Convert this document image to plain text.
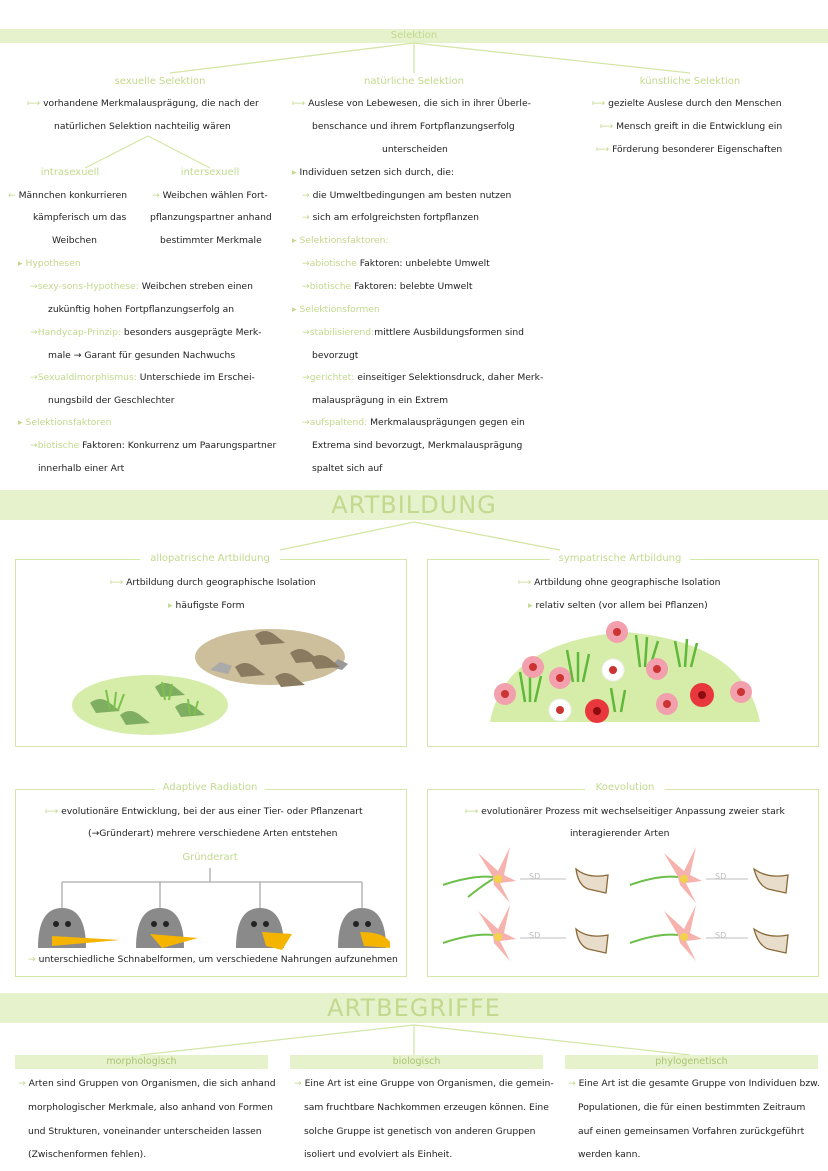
Selektion
sexuelle Selektion
⟼ vorhandene Merkmalausprägung, die nach der
natürlichen Selektion nachteilig wären
intrasexuell	intersexuell
← Männchen konkurrieren
kämpferisch um das
Weibchen
→ Weibchen wählen Fort-
pflanzungspartner anhand
bestimmter Merkmale
▸ Hypothesen
→sexy-sons-Hypothese: Weibchen streben einen
zukünftig hohen Fortpflanzungserfolg an
→Handycap-Prinzip: besonders ausgeprägte Merk-
male → Garant für gesunden Nachwuchs
→Sexualdimorphismus: Unterschiede im Erschei-
nungsbild der Geschlechter
▸ Selektionsfaktoren
→biotische Faktoren: Konkurrenz um Paarungspartner
innerhalb einer Art
natürliche Selektion
⟼ Auslese von Lebewesen, die sich in ihrer Überle-
benschance und ihrem Fortpflanzungserfolg
unterscheiden
▸ Individuen setzen sich durch, die:
→ die Umweltbedingungen am besten nutzen
→ sich am erfolgreichsten fortpflanzen
▸ Selektionsfaktoren:
→abiotische Faktoren: unbelebte Umwelt
→biotische Faktoren: belebte Umwelt
▸ Selektionsformen
→stabilisierend:mittlere Ausbildungsformen sind
bevorzugt
→gerichtet: einseitiger Selektionsdruck, daher Merk-
malausprägung in ein Extrem
→aufspaltend: Merkmalausprägungen gegen ein
Extrema sind bevorzugt, Merkmalausprägung
spaltet sich auf
künstliche Selektion
⟼ gezielte Auslese durch den Menschen
⟼ Mensch greift in die Entwicklung ein
⟼ Förderung besonderer Eigenschaften
ARTBILDUNG
allopatrische Artbildung
⟼ Artbildung durch geographische Isolation
▸ häufigste Form
sympatrische Artbildung
⟼ Artbildung ohne geographische Isolation
▸ relativ selten (vor allem bei Pflanzen)
Adaptive Radiation
⟼ evolutionäre Entwicklung, bei der aus einer Tier- oder Pflanzenart
(→Gründerart) mehrere verschiedene Arten entstehen
Gründerart
→ unterschiedliche Schnabelformen, um verschiedene Nahrungen aufzunehmen
Koevolution
⟼ evolutionärer Prozess mit wechselseitiger Anpassung zweier stark
interagierender Arten
SD	SD
SD	SD
ARTBEGRIFFE
morphologisch	biologisch	phylogenetisch
→ Arten sind Gruppen von Organismen, die sich anhand
morphologischer Merkmale, also anhand von Formen
und Strukturen, voneinander unterscheiden lassen
(Zwischenformen fehlen).
→ Eine Art ist eine Gruppe von Organismen, die gemein-
sam fruchtbare Nachkommen erzeugen können. Eine
solche Gruppe ist genetisch von anderen Gruppen
isoliert und evolviert als Einheit.
→ Eine Art ist die gesamte Gruppe von Individuen bzw.
Populationen, die für einen bestimmten Zeitraum
auf einen gemeinsamen Vorfahren zurückgeführt
werden kann.
